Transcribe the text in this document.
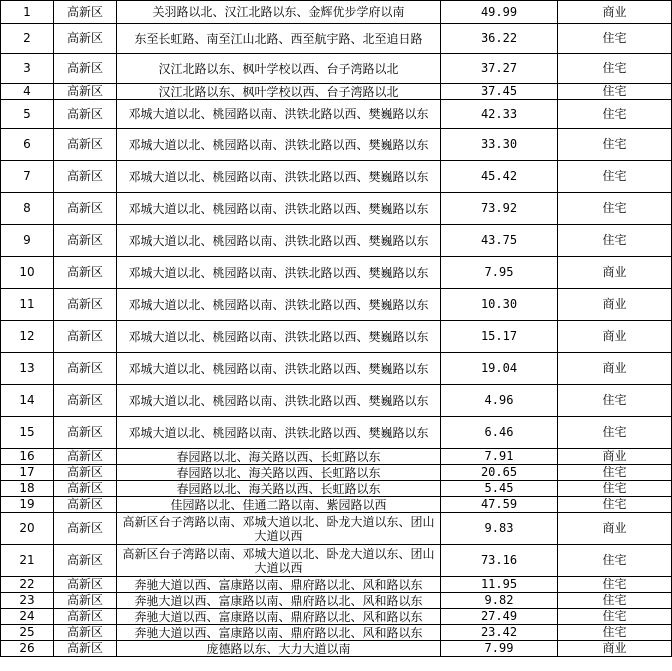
1	高新区	关羽路以北、汉江北路以东、金辉优步学府以南	49.99	商业
2	高新区	东至长虹路、南至江山北路、西至航宇路、北至追日路	36.22	住宅
3	高新区	汉江北路以东、枫叶学校以西、台子湾路以北	37.27	住宅
4	高新区	汉江北路以东、枫叶学校以西、台子湾路以北	37.45	住宅
5	高新区	邓城大道以北、桃园路以南、洪铁北路以西、樊巍路以东	42.33	住宅
6	高新区	邓城大道以北、桃园路以南、洪铁北路以西、樊巍路以东	33.30	住宅
7	高新区	邓城大道以北、桃园路以南、洪铁北路以西、樊巍路以东	45.42	住宅
8	高新区	邓城大道以北、桃园路以南、洪铁北路以西、樊巍路以东	73.92	住宅
9	高新区	邓城大道以北、桃园路以南、洪铁北路以西、樊巍路以东	43.75	住宅
10	高新区	邓城大道以北、桃园路以南、洪铁北路以西、樊巍路以东	7.95	商业
11	高新区	邓城大道以北、桃园路以南、洪铁北路以西、樊巍路以东	10.30	商业
12	高新区	邓城大道以北、桃园路以南、洪铁北路以西、樊巍路以东	15.17	商业
13	高新区	邓城大道以北、桃园路以南、洪铁北路以西、樊巍路以东	19.04	商业
14	高新区	邓城大道以北、桃园路以南、洪铁北路以西、樊巍路以东	4.96	住宅
15	高新区	邓城大道以北、桃园路以南、洪铁北路以西、樊巍路以东	6.46	住宅
16	高新区	春园路以北、海关路以西、长虹路以东	7.91	商业
17	高新区	春园路以北、海关路以西、长虹路以东	20.65	住宅
18	高新区	春园路以北、海关路以西、长虹路以东	5.45	住宅
19	高新区	佳园路以北、佳通二路以南、紫园路以西	47.59	住宅
20	高新区	高新区台子湾路以南、邓城大道以北、卧龙大道以东、团山大道以西	9.83	商业
21	高新区	高新区台子湾路以南、邓城大道以北、卧龙大道以东、团山大道以西	73.16	住宅
22	高新区	奔驰大道以西、富康路以南、鼎府路以北、风和路以东	11.95	住宅
23	高新区	奔驰大道以西、富康路以南、鼎府路以北、风和路以东	9.82	住宅
24	高新区	奔驰大道以西、富康路以南、鼎府路以北、风和路以东	27.49	住宅
25	高新区	奔驰大道以西、富康路以南、鼎府路以北、风和路以东	23.42	住宅
26	高新区	庞德路以东、大力大道以南	7.99	商业
